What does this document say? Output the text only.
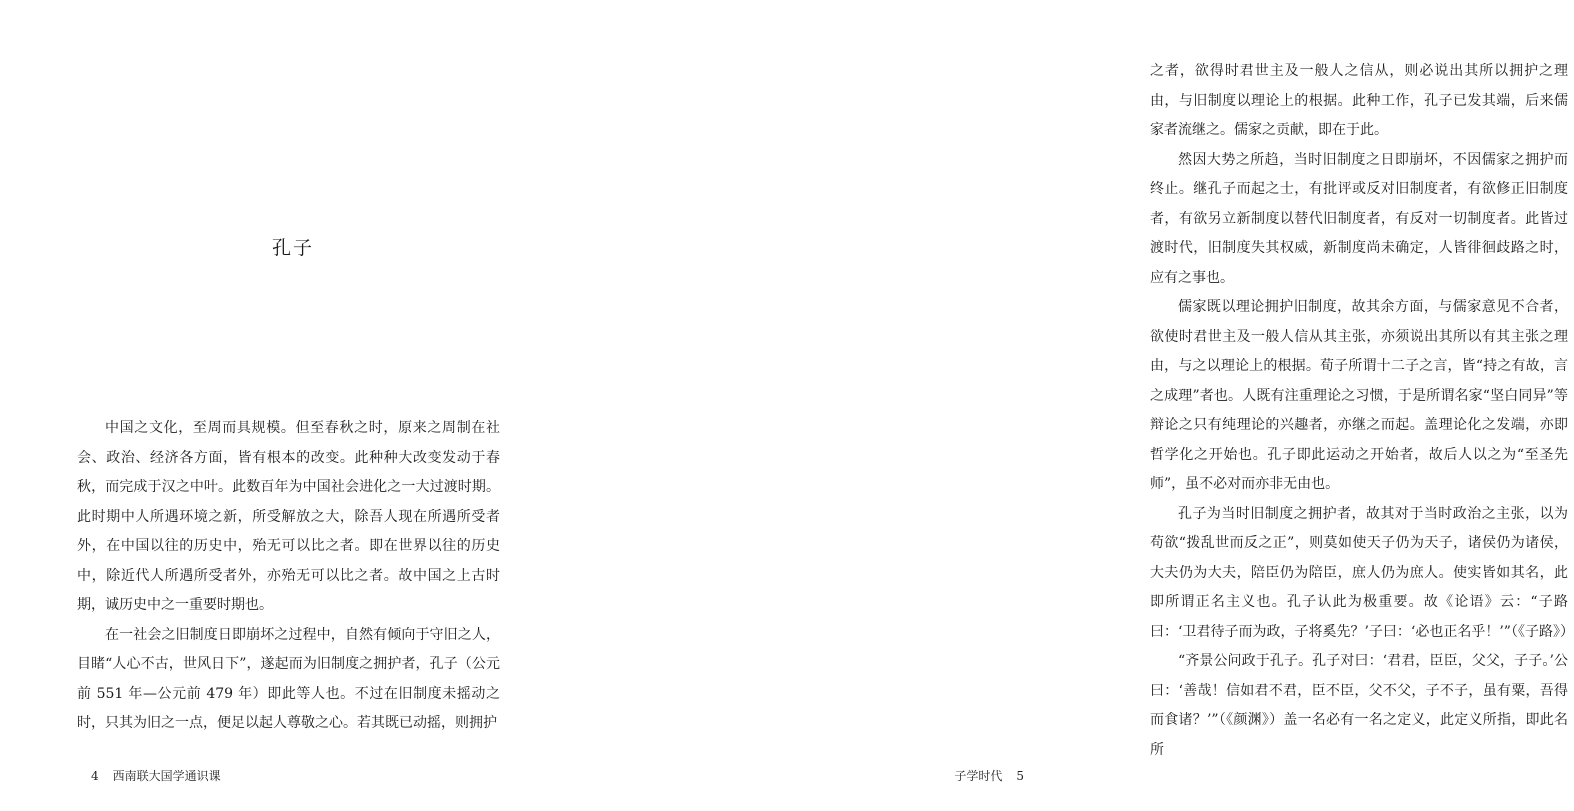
孔子

中国之文化，至周而具规模。但至春秋之时，原来之周制在社会、政治、经济各方面，皆有根本的改变。此种种大改变发动于春秋，而完成于汉之中叶。此数百年为中国社会进化之一大过渡时期。此时期中人所遇环境之新，所受解放之大，除吾人现在所遇所受者外，在中国以往的历史中，殆无可以比之者。即在世界以往的历史中，除近代人所遇所受者外，亦殆无可以比之者。故中国之上古时期，诚历史中之一重要时期也。

在一社会之旧制度日即崩坏之过程中，自然有倾向于守旧之人，目睹“人心不古，世风日下”，遂起而为旧制度之拥护者，孔子（公元前 551 年—公元前 479 年）即此等人也。不过在旧制度未摇动之时，只其为旧之一点，便足以起人尊敬之心。若其既已动摇，则拥护

4 西南联大国学通识课

之者，欲得时君世主及一般人之信从，则必说出其所以拥护之理由，与旧制度以理论上的根据。此种工作，孔子已发其端，后来儒家者流继之。儒家之贡献，即在于此。

然因大势之所趋，当时旧制度之日即崩坏，不因儒家之拥护而终止。继孔子而起之士，有批评或反对旧制度者，有欲修正旧制度者，有欲另立新制度以替代旧制度者，有反对一切制度者。此皆过渡时代，旧制度失其权威，新制度尚未确定，人皆徘徊歧路之时，应有之事也。

儒家既以理论拥护旧制度，故其余方面，与儒家意见不合者，欲使时君世主及一般人信从其主张，亦须说出其所以有其主张之理由，与之以理论上的根据。荀子所谓十二子之言，皆“持之有故，言之成理”者也。人既有注重理论之习惯，于是所谓名家“坚白同异”等辩论之只有纯理论的兴趣者，亦继之而起。盖理论化之发端，亦即哲学化之开始也。孔子即此运动之开始者，故后人以之为“至圣先师”，虽不必对而亦非无由也。

孔子为当时旧制度之拥护者，故其对于当时政治之主张，以为苟欲“拨乱世而反之正”，则莫如使天子仍为天子，诸侯仍为诸侯，大夫仍为大夫，陪臣仍为陪臣，庶人仍为庶人。使实皆如其名，此即所谓正名主义也。孔子认此为极重要。故《论语》云：“子路曰：‘卫君待子而为政，子将奚先？’子曰：‘必也正名乎！’”（《子路》）

“齐景公问政于孔子。孔子对曰：‘君君，臣臣，父父，子子。’公曰：‘善哉！信如君不君，臣不臣，父不父，子不子，虽有粟，吾得而食诸？’”（《颜渊》）盖一名必有一名之定义，此定义所指，即此名所

子学时代 5
